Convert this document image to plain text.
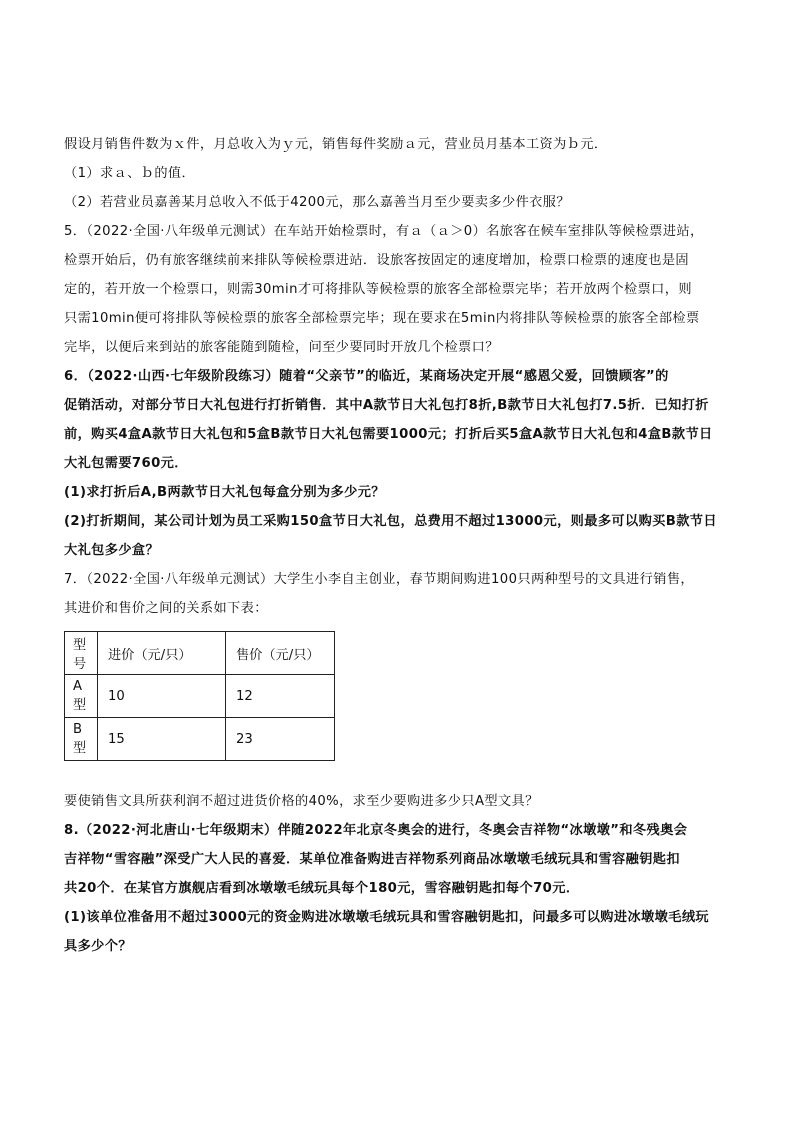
假设月销售件数为ｘ件，月总收入为ｙ元，销售每件奖励ａ元，营业员月基本工资为ｂ元．
（1）求ａ、ｂ的值．
（2）若营业员嘉善某月总收入不低于4200元，那么嘉善当月至少要卖多少件衣服？
5．（2022·全国·八年级单元测试）在车站开始检票时，有ａ（ａ＞0）名旅客在候车室排队等候检票进站，
检票开始后，仍有旅客继续前来排队等候检票进站．设旅客按固定的速度增加，检票口检票的速度也是固
定的，若开放一个检票口，则需30min才可将排队等候检票的旅客全部检票完毕；若开放两个检票口，则
只需10min便可将排队等候检票的旅客全部检票完毕；现在要求在5min内将排队等候检票的旅客全部检票
完毕，以便后来到站的旅客能随到随检，问至少要同时开放几个检票口？
6．（2022·山西·七年级阶段练习）随着“父亲节”的临近，某商场决定开展“感恩父爱，回馈顾客”的
促销活动，对部分节日大礼包进行打折销售．其中A款节日大礼包打8折,B款节日大礼包打7.5折．已知打折
前，购买4盒A款节日大礼包和5盒B款节日大礼包需要1000元；打折后买5盒A款节日大礼包和4盒B款节日
大礼包需要760元．
(1)求打折后A,B两款节日大礼包每盒分别为多少元？
(2)打折期间，某公司计划为员工采购150盒节日大礼包，总费用不超过13000元，则最多可以购买B款节日
大礼包多少盒？
7．（2022·全国·八年级单元测试）大学生小李自主创业，春节期间购进100只两种型号的文具进行销售，
其进价和售价之间的关系如下表：
型号	进价（元/只）	售价（元/只）
A型	10	12
B型	15	23
要使销售文具所获利润不超过进货价格的40%，求至少要购进多少只A型文具？
8.（2022·河北唐山·七年级期末）伴随2022年北京冬奥会的进行，冬奥会吉祥物“冰墩墩”和冬残奥会
吉祥物“雪容融”深受广大人民的喜爱．某单位准备购进吉祥物系列商品冰墩墩毛绒玩具和雪容融钥匙扣
共20个．在某官方旗舰店看到冰墩墩毛绒玩具每个180元，雪容融钥匙扣每个70元．
(1)该单位准备用不超过3000元的资金购进冰墩墩毛绒玩具和雪容融钥匙扣，问最多可以购进冰墩墩毛绒玩
具多少个？
